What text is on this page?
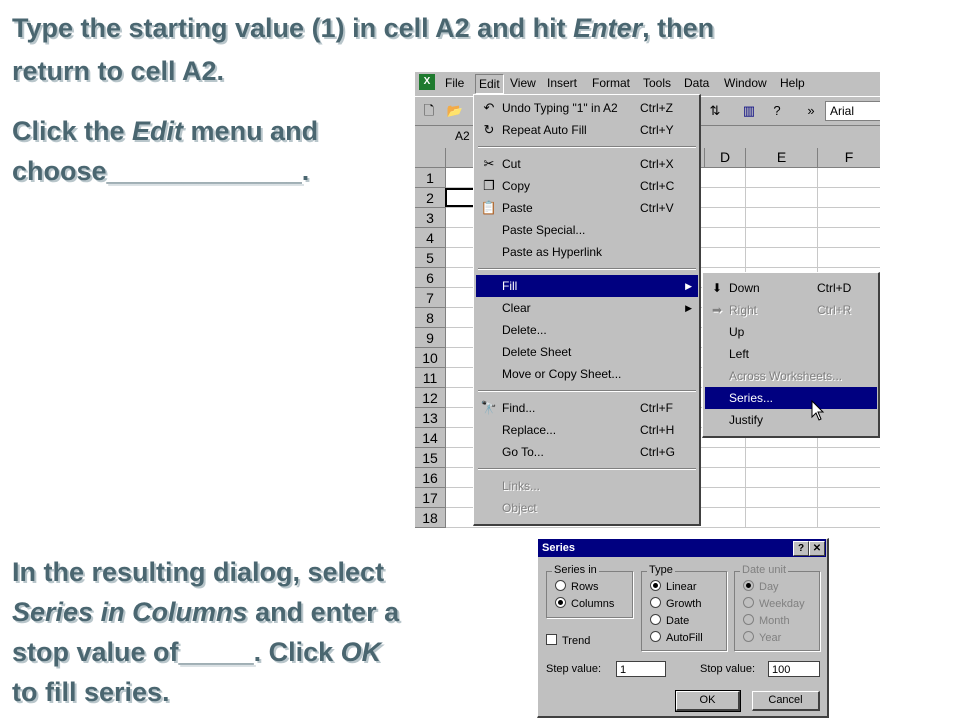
Type the starting value (1) in cell A2 and hit Enter, then

return to cell A2.

Click the Edit menu and

choose_____________.

In the resulting dialog, select

Series in Columns and enter a

stop value of_____. Click OK

to fill series.

X	File	Edit View Insert Format Tools Data Window Help
🗋 📂	⇅	▥	?	»	Arial
A2
D	E	F
1
2
3
4
5
6
7
8
9
10
11
12
13
14
15
16
17
18
↶ Undo Typing "1" in A2 Ctrl+Z
↻ Repeat Auto Fill	Ctrl+Y
✂ Cut	Ctrl+X
❐ Copy	Ctrl+C
📋 Paste	Ctrl+V
Paste Special...
Paste as Hyperlink
Fill	▶
Clear	▶
Delete...
Delete Sheet
Move or Copy Sheet...
🔭 Find...	Ctrl+F
Replace...	Ctrl+H
Go To...	Ctrl+G
Links...
Object
⬇ Down	Ctrl+D
➡ Right	Ctrl+R
Up
Left
Across Worksheets...
Series...
Justify
Series	? ✕
Series in
Rows
Columns
Type
Linear
Growth
Date
AutoFill
Date unit
Day
Weekday
Month
Year
Trend
Step value:	1	Stop value:	100
OK	Cancel
